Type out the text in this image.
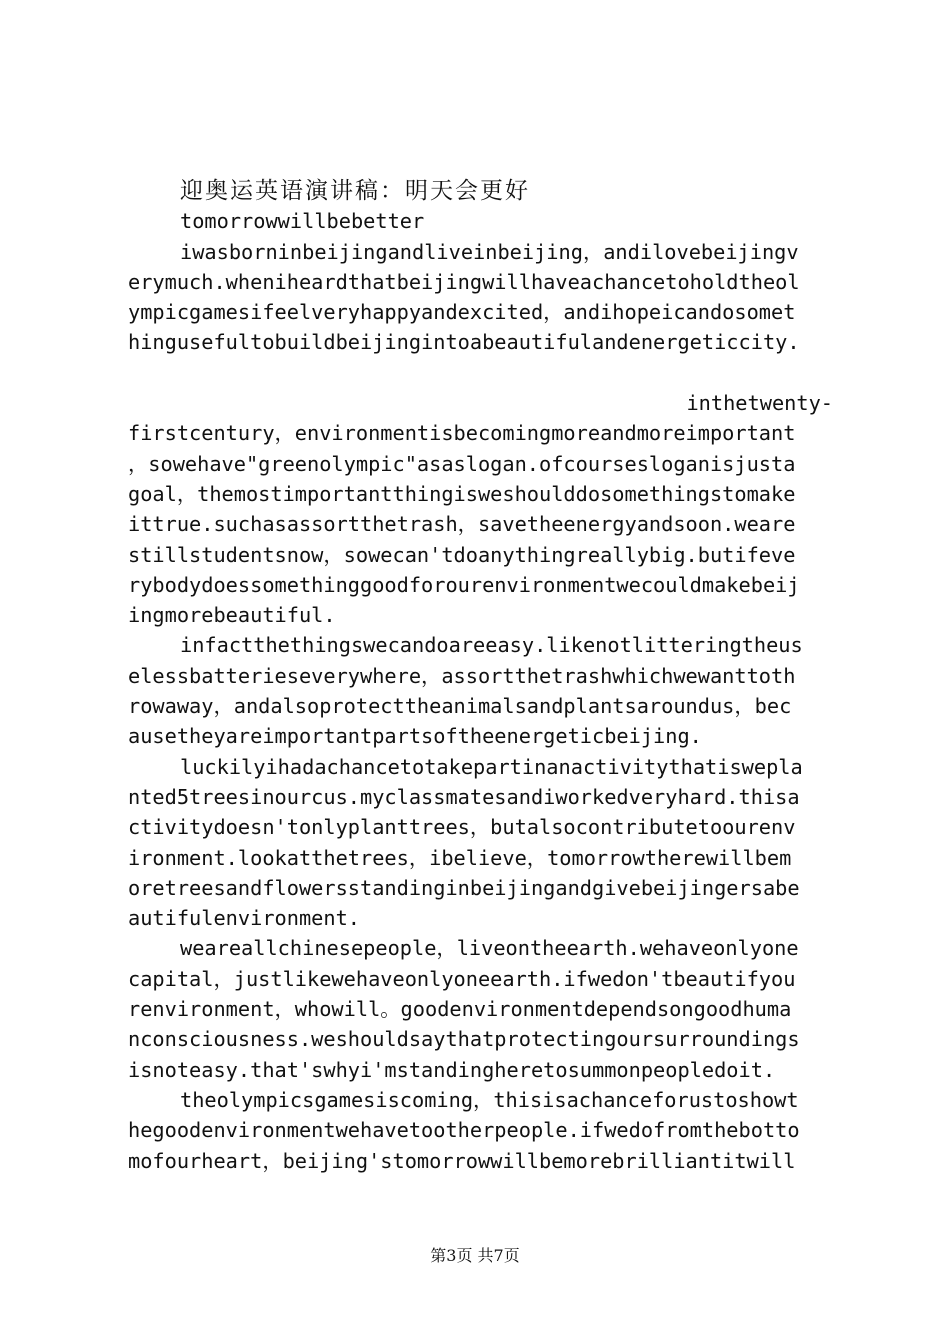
迎奥运英语演讲稿：明天会更好
tomorrowwillbebetter
iwasborninbeijingandliveinbeijing，andilovebeijingv
erymuch.wheniheardthatbeijingwillhaveachancetoholdtheol
ympicgamesifeelveryhappyandexcited，andihopeicandosomet
hingusefultobuildbeijingintoabeautifulandenergeticcity.
inthetwenty-
firstcentury，environmentisbecomingmoreandmoreimportant
，sowehave"greenolympic"asaslogan.ofcoursesloganisjusta
goal，themostimportantthingisweshoulddosomethingstomake
ittrue.suchasassortthetrash，savetheenergyandsoon.weare
stillstudentsnow，sowecan'tdoanythingreallybig.butifeve
rybodydoessomethinggoodforourenvironmentwecouldmakebeij
ingmorebeautiful.
infactthethingswecandoareeasy.likenotlitteringtheus
elessbatterieseverywhere，assortthetrashwhichwewanttoth
rowaway，andalsoprotecttheanimalsandplantsaroundus，bec
ausetheyareimportantpartsoftheenergeticbeijing.
luckilyihadachancetotakepartinanactivitythatisweplа
nted5treesinourcus.myclassmatesandiworkedveryhard.thisa
ctivitydoesn'tonlyplanttrees，butalsocontributetoourenv
ironment.lookatthetrees，ibelieve，tomorrowtherewillbem
oretreesandflowersstandinginbeijingandgivebeijingersabe
autifulenvironment.
weareallchinesepeople，liveontheearth.wehaveonlyone
capital，justlikewehaveonlyoneearth.ifwedon'tbeautifyou
renvironment，whowill。goodenvironmentdependsongoodhuma
nconsciousness.weshouldsaythatprotectingoursurroundings
isnoteasy.that'swhyi'mstandingheretosummonpeopledoit.
theolympicsgamesiscoming，thisisachanceforustoshowt
hegoodenvironmentwehavetootherpeople.ifwedofromthebotto
mofourheart，beijing'stomorrowwillbemorebrilliantitwill
第3页 共7页
